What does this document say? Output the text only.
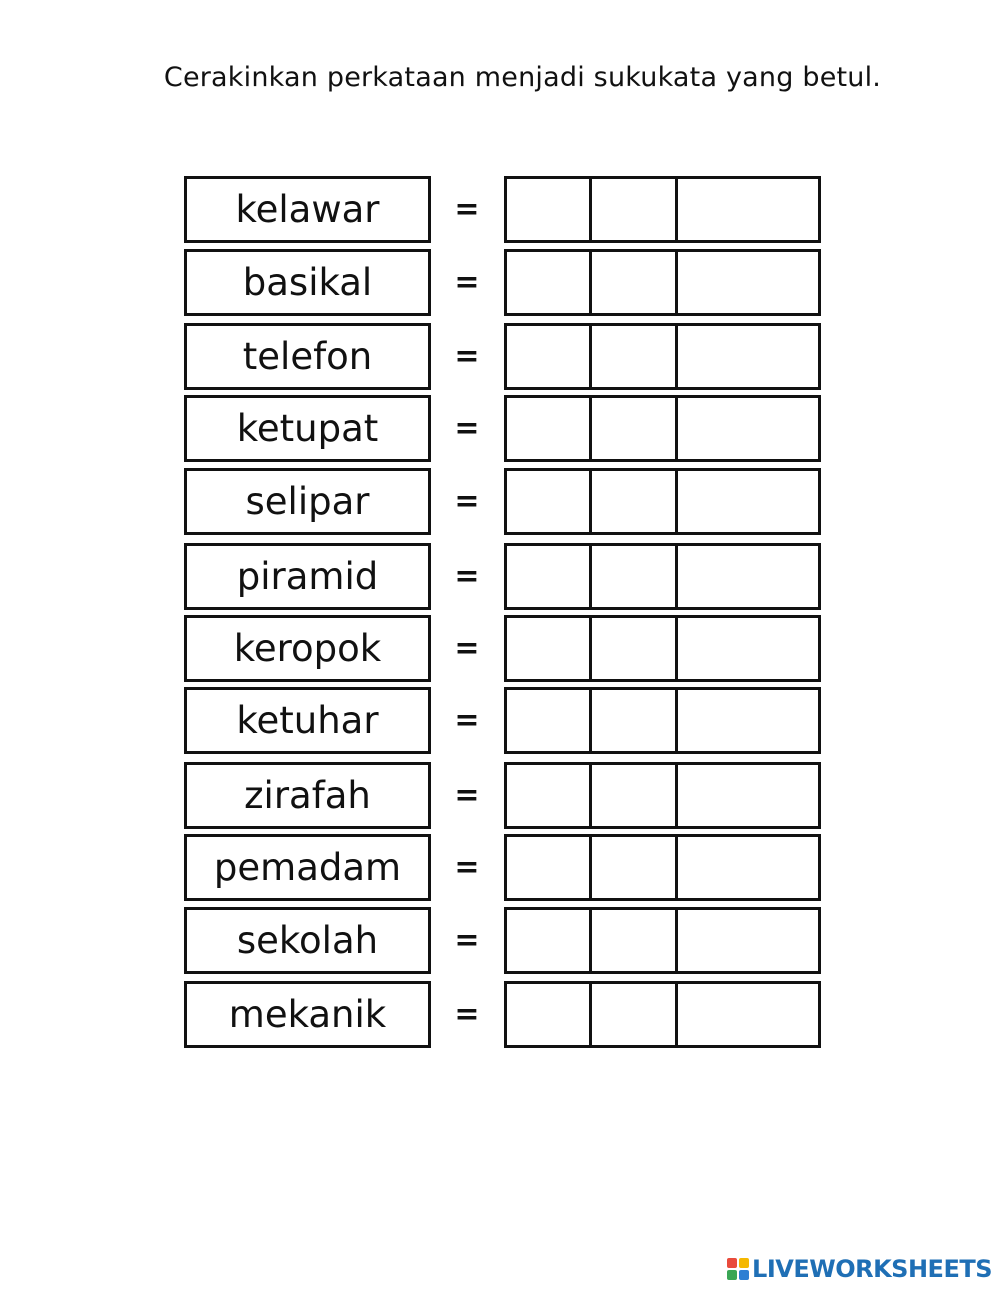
Cerakinkan perkataan menjadi sukukata yang betul.
kelawar	=
basikal	=
telefon	=
ketupat	=
selipar	=
piramid	=
keropok	=
ketuhar	=
zirafah	=
pemadam	=
sekolah	=
mekanik	=
LIVEWORKSHEETS
